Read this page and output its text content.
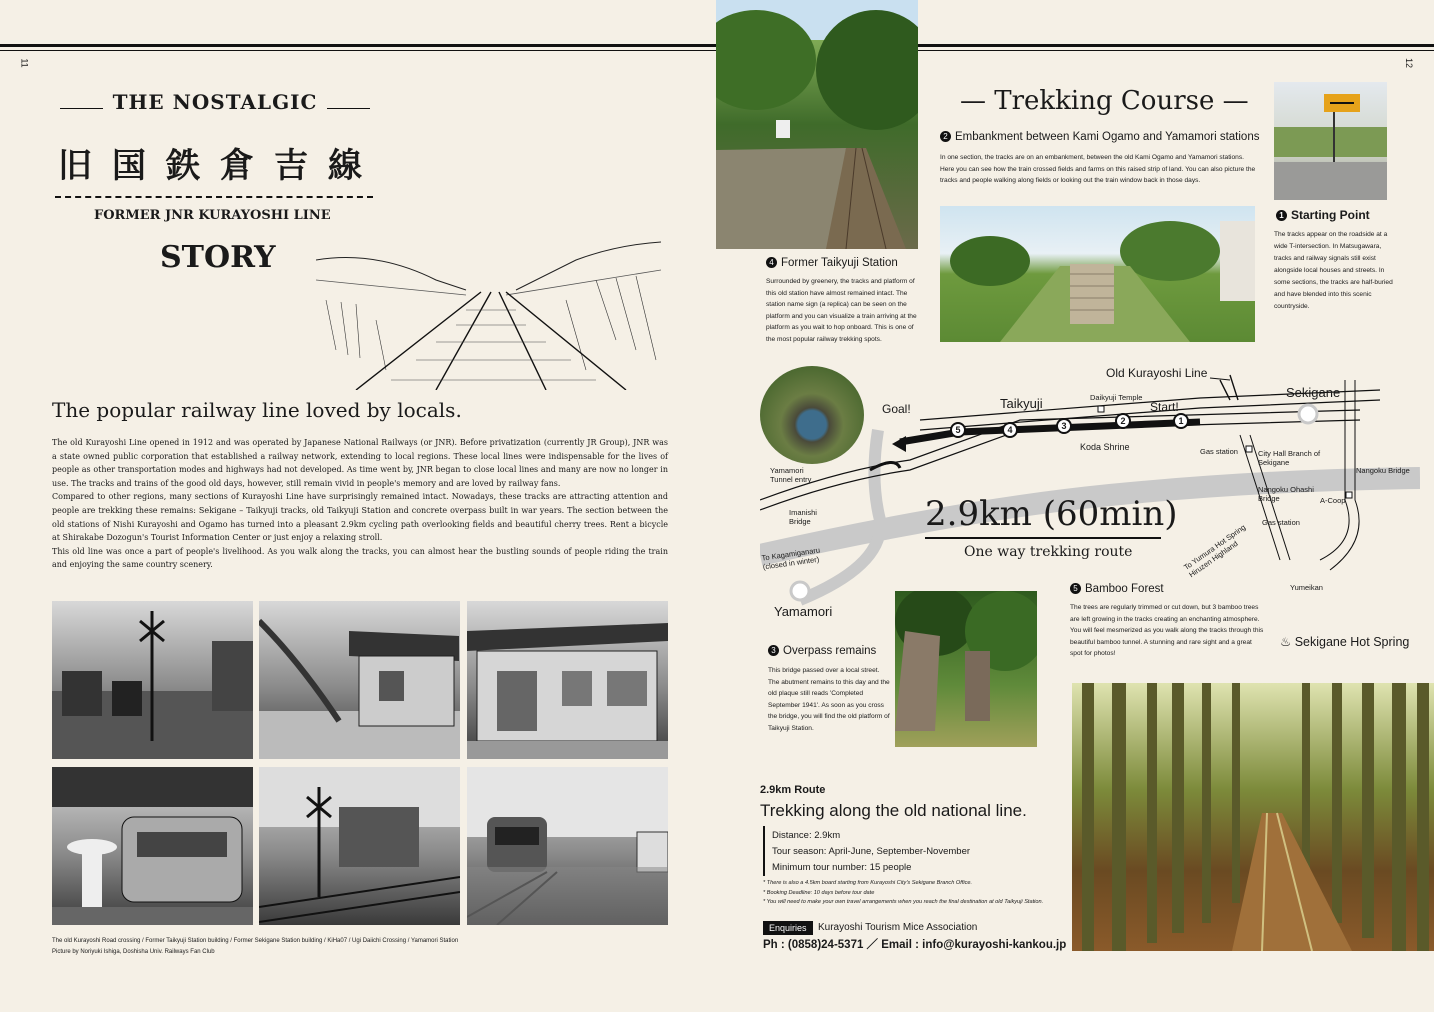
11
THE NOSTALGIC
旧国鉄倉吉線
FORMER JNR KURAYOSHI LINE
STORY
The popular railway line loved by locals.
The old Kurayoshi Line opened in 1912 and was operated by Japanese National Railways (or JNR). Before privatization (currently JR Group), JNR was a state owned public corporation that established a railway network, extending to local regions. These local lines were indispensable for the lives of people as other transportation modes and highways had not developed. As time went by, JNR began to close local lines and many are now no longer in use. The tracks and trains of the good old days, however, still remain vivid in people's memory and are loved by railway fans.
Compared to other regions, many sections of Kurayoshi Line have surprisingly remained intact. Nowadays, these tracks are attracting attention and people are trekking these remains: Sekigane – Taikyuji tracks, old Taikyuji Station and concrete overpass built in war years. The section between the old stations of Nishi Kurayoshi and Ogamo has turned into a pleasant 2.9km cycling path overlooking fields and beautiful cherry trees. Rent a bicycle at Shirakabe Dozogun's Tourist Information Center or just enjoy a relaxing stroll.
This old line was once a part of people's livelihood. As you walk along the tracks, you can almost hear the bustling sounds of people riding the train and enjoying the same country scenery.
The old Kurayoshi Road crossing / Former Taikyuji Station building / Former Sekigane Station building / KiHa07 / Ugi Daiichi Crossing / Yamamori Station
Picture by Noriyuki Ishiga, Doshisha Univ. Railways Fan Club
12
— Trekking Course —
2 Embankment between Kami Ogamo and Yamamori stations
In one section, the tracks are on an embankment, between the old Kami Ogamo and Yamamori stations. Here you can see how the train crossed fields and farms on this raised strip of land. You can also picture the tracks and people walking along fields or looking out the train window back in those days.
1 Starting Point
The tracks appear on the roadside at a wide T-intersection. In Matsugawara, tracks and railway signals still exist alongside local houses and streets. In some sections, the tracks are half-buried and have blended into this scenic countryside.
4 Former Taikyuji Station
Surrounded by greenery, the tracks and platform of this old station have almost remained intact. The station name sign (a replica) can be seen on the platform and you can visualize a train arriving at the platform as you wait to hop onboard. This is one of the most popular railway trekking spots.
5	4	3	2	1
Old Kurayoshi Line
Sekigane
Taikyuji	Daikyuji Temple
Start!
Goal!
Koda Shrine	Gas station	City Hall Branch of Sekigane
Nangoku Bridge
Nangoku Ohashi Bridge	A-Coop
Gas station
Yamamori Tunnel entry
Imanishi Bridge
To Kagamiganaru (closed in winter)
Yamamori
To Yumura Hot Spring Hiruzen Highland
Yumeikan
♨ Sekigane Hot Spring
2.9km (60min)
One way trekking route
5 Bamboo Forest
The trees are regularly trimmed or cut down, but 3 bamboo trees are left growing in the tracks creating an enchanting atmosphere. You will feel mesmerized as you walk along the tracks through this beautiful bamboo tunnel. A stunning and rare sight and a great spot for photos!
3 Overpass remains
This bridge passed over a local street. The abutment remains to this day and the old plaque still reads 'Completed September 1941'. As soon as you cross the bridge, you will find the old platform of Taikyuji Station.
2.9km Route
Trekking along the old national line.
Distance: 2.9km
Tour season: April-June, September-November
Minimum tour number: 15 people
* There is also a 4.5km board starting from Kurayoshi City's Sekigane Branch Office.
* Booking Deadline: 10 days before tour date
* You will need to make your own travel arrangements when you reach the final destination at old Taikyuji Station.
Enquiries	Kurayoshi Tourism Mice Association
Ph : (0858)24-5371 ／ Email : info@kurayoshi-kankou.jp
